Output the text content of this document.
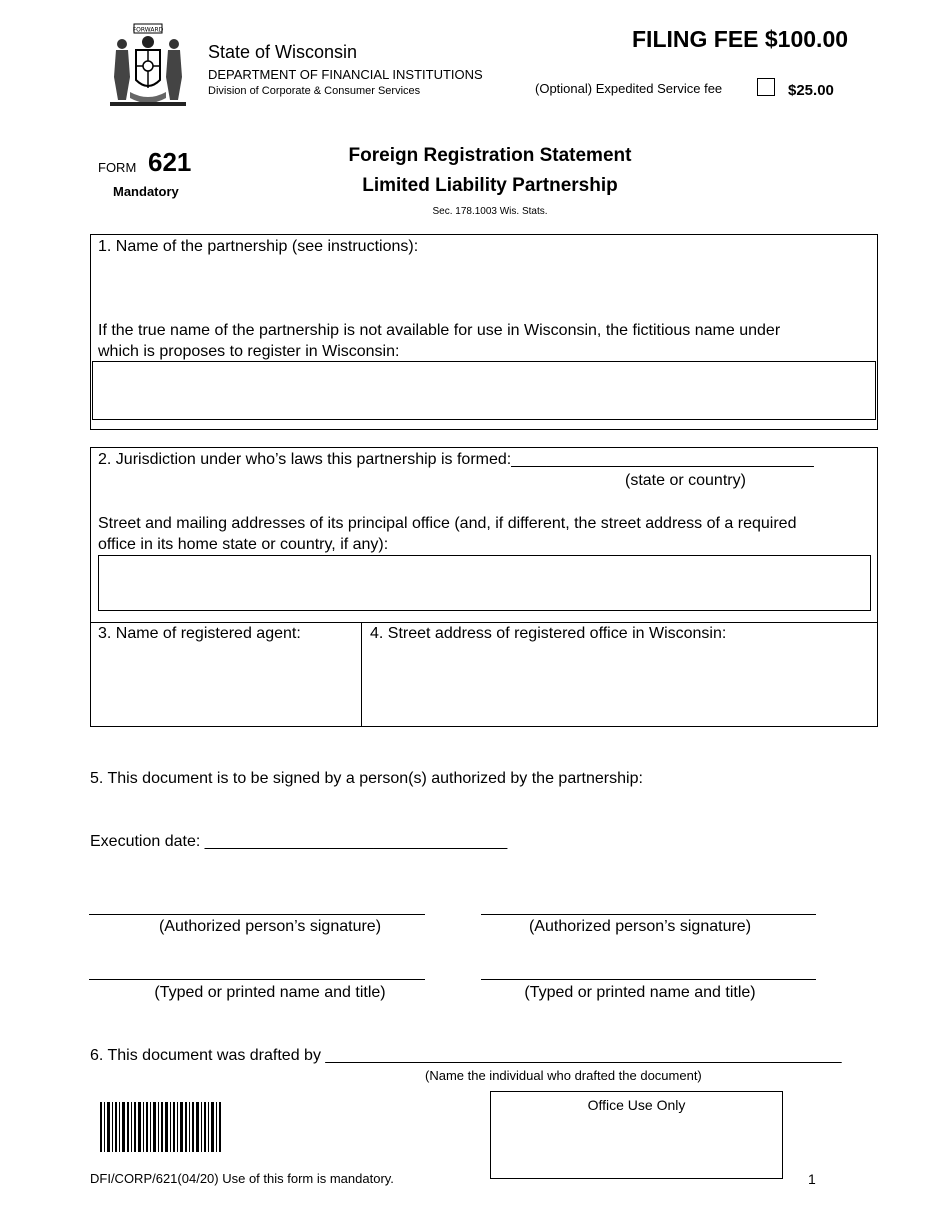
FORWARD
State of Wisconsin
DEPARTMENT OF FINANCIAL INSTITUTIONS
Division of Corporate & Consumer Services
FILING FEE $100.00
(Optional) Expedited Service fee	$25.00
FORM 621
Mandatory
Foreign Registration Statement
Limited Liability Partnership
Sec. 178.1003 Wis. Stats.
1. Name of the partnership (see instructions):
If the true name of the partnership is not available for use in Wisconsin, the fictitious name under
which is proposes to register in Wisconsin:
2. Jurisdiction under who’s laws this partnership is formed:__________________________________
(state or country)
Street and mailing addresses of its principal office (and, if different, the street address of a required
office in its home state or country, if any):
3. Name of registered agent:	4. Street address of registered office in Wisconsin:
5. This document is to be signed by a person(s) authorized by the partnership:
Execution date: __________________________________
(Authorized person’s signature)	(Authorized person’s signature)
(Typed or printed name and title)	(Typed or printed name and title)
6. This document was drafted by __________________________________________________________
(Name the individual who drafted the document)
Office Use Only
DFI/CORP/621(04/20) Use of this form is mandatory.	1
